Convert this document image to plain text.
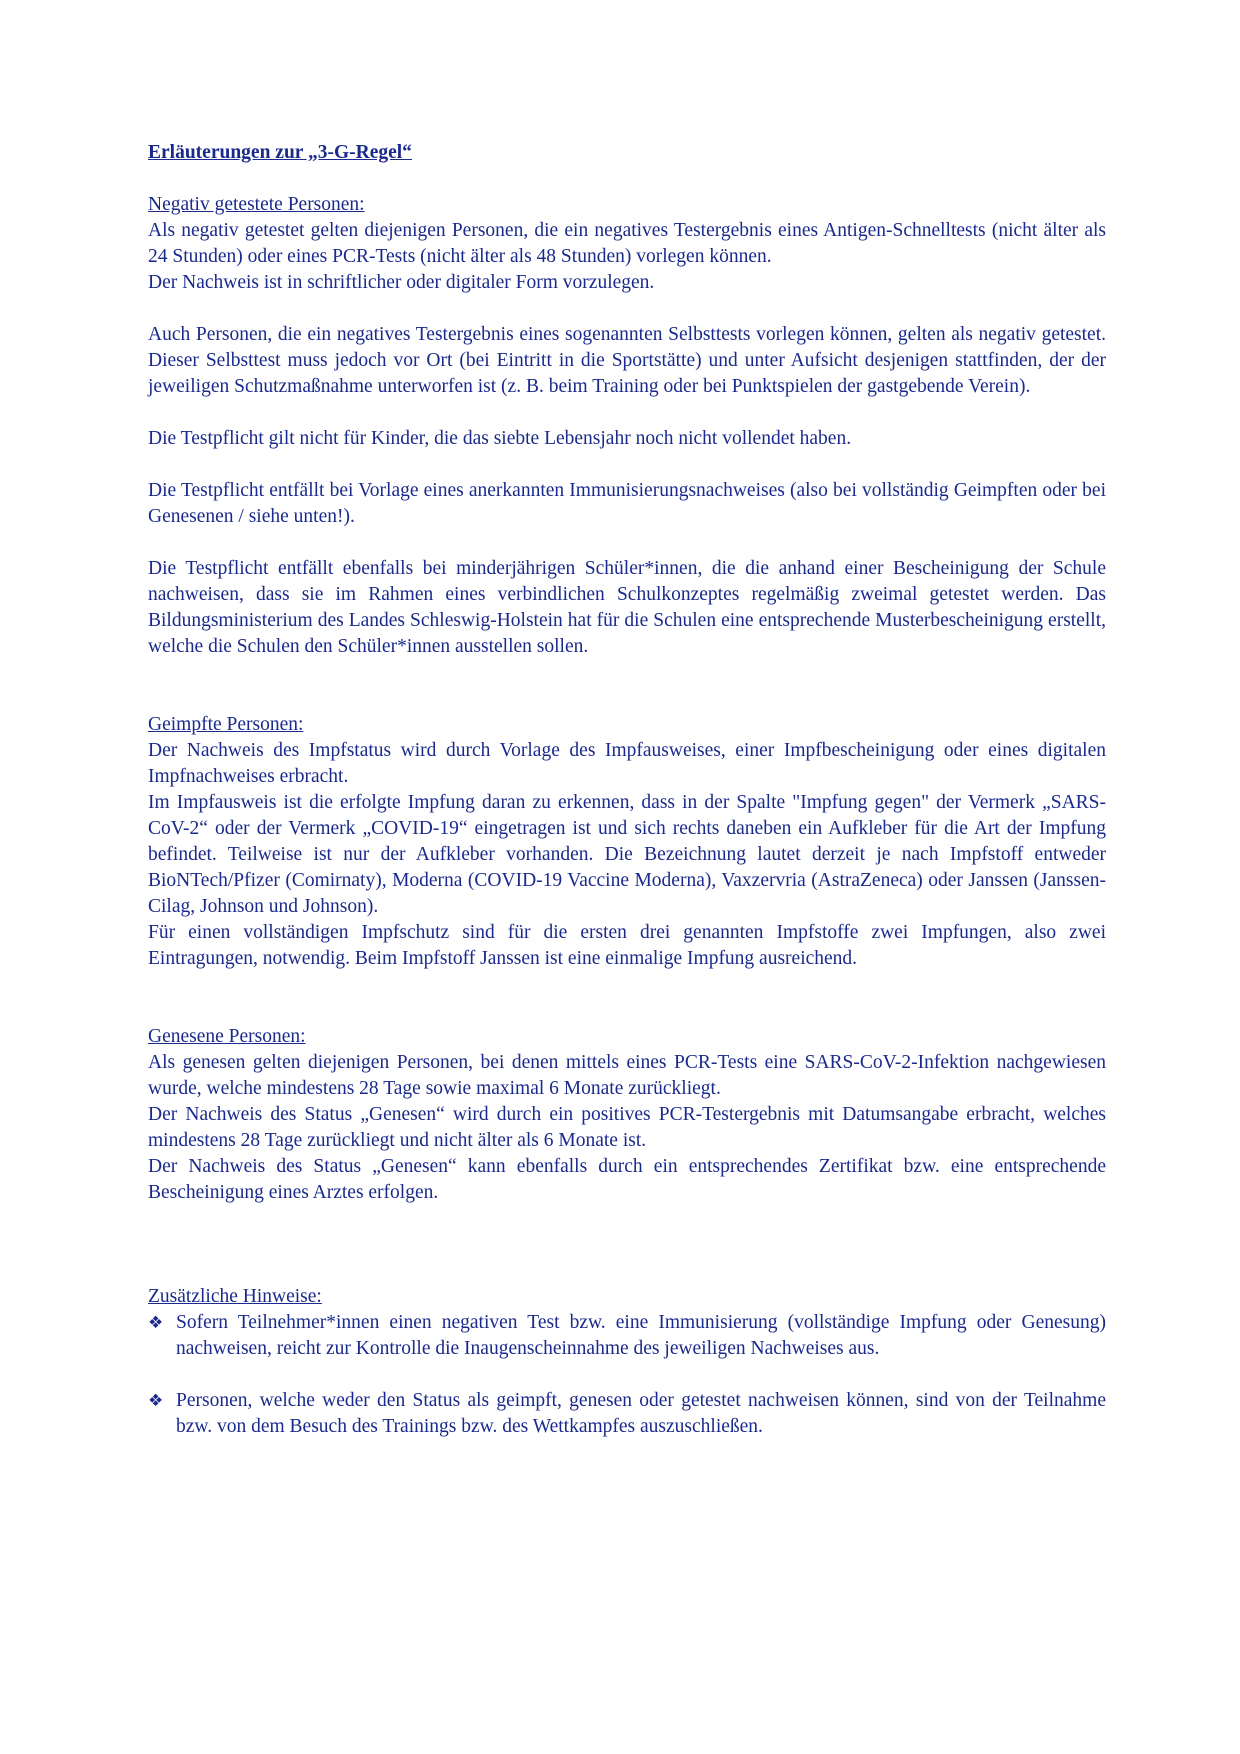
Erläuterungen zur „3-G-Regel“
Negativ getestete Personen:

Als negativ getestet gelten diejenigen Personen, die ein negatives Testergebnis eines Antigen-Schnelltests (nicht älter als 24 Stunden) oder eines PCR-Tests (nicht älter als 48 Stunden) vorlegen können.

Der Nachweis ist in schriftlicher oder digitaler Form vorzulegen.

Auch Personen, die ein negatives Testergebnis eines sogenannten Selbsttests vorlegen können, gelten als negativ getestet. Dieser Selbsttest muss jedoch vor Ort (bei Eintritt in die Sportstätte) und unter Aufsicht desjenigen stattfinden, der der jeweiligen Schutzmaßnahme unterworfen ist (z. B. beim Training oder bei Punktspielen der gastgebende Verein).

Die Testpflicht gilt nicht für Kinder, die das siebte Lebensjahr noch nicht vollendet haben.

Die Testpflicht entfällt bei Vorlage eines anerkannten Immunisierungsnachweises (also bei vollständig Geimpften oder bei Genesenen / siehe unten!).

Die Testpflicht entfällt ebenfalls bei minderjährigen Schüler*innen, die die anhand einer Bescheinigung der Schule nachweisen, dass sie im Rahmen eines verbindlichen Schulkonzeptes regelmäßig zweimal getestet werden. Das Bildungsministerium des Landes Schleswig-Holstein hat für die Schulen eine entsprechende Musterbescheinigung erstellt, welche die Schulen den Schüler*innen ausstellen sollen.

Geimpfte Personen:

Der Nachweis des Impfstatus wird durch Vorlage des Impfausweises, einer Impfbescheinigung oder eines digitalen Impfnachweises erbracht.

Im Impfausweis ist die erfolgte Impfung daran zu erkennen, dass in der Spalte "Impfung gegen" der Vermerk „SARS-CoV-2“ oder der Vermerk „COVID-19“ eingetragen ist und sich rechts daneben ein Aufkleber für die Art der Impfung befindet. Teilweise ist nur der Aufkleber vorhanden. Die Bezeichnung lautet derzeit je nach Impfstoff entweder BioNTech/Pfizer (Comirnaty), Moderna (COVID-19 Vaccine Moderna), Vaxzervria (AstraZeneca) oder Janssen (Janssen-Cilag, Johnson und Johnson).

Für einen vollständigen Impfschutz sind für die ersten drei genannten Impfstoffe zwei Impfungen, also zwei Eintragungen, notwendig. Beim Impfstoff Janssen ist eine einmalige Impfung ausreichend.

Genesene Personen:

Als genesen gelten diejenigen Personen, bei denen mittels eines PCR-Tests eine SARS-CoV-2-Infektion nachgewiesen wurde, welche mindestens 28 Tage sowie maximal 6 Monate zurückliegt.

Der Nachweis des Status „Genesen“ wird durch ein positives PCR-Testergebnis mit Datumsangabe erbracht, welches mindestens 28 Tage zurückliegt und nicht älter als 6 Monate ist.

Der Nachweis des Status „Genesen“ kann ebenfalls durch ein entsprechendes Zertifikat bzw. eine entsprechende Bescheinigung eines Arztes erfolgen.

Zusätzliche Hinweise:
❖ Sofern Teilnehmer*innen einen negativen Test bzw. eine Immunisierung (vollständige Impfung oder Genesung) nachweisen, reicht zur Kontrolle die Inaugenscheinnahme des jeweiligen Nachweises aus.
❖ Personen, welche weder den Status als geimpft, genesen oder getestet nachweisen können, sind von der Teilnahme bzw. von dem Besuch des Trainings bzw. des Wettkampfes auszuschließen.
